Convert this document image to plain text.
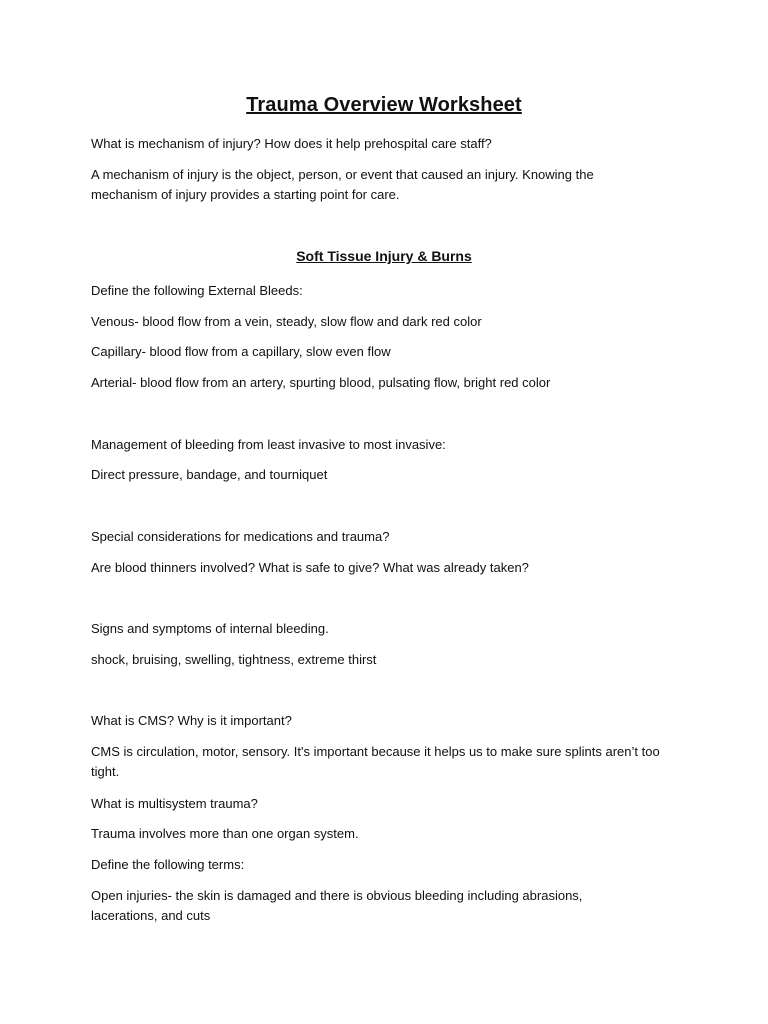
Trauma Overview Worksheet
What is mechanism of injury? How does it help prehospital care staff?
A mechanism of injury is the object, person, or event that caused an injury. Knowing the mechanism of injury provides a starting point for care.
Soft Tissue Injury & Burns
Define the following External Bleeds:
Venous- blood flow from a vein, steady, slow flow and dark red color
Capillary- blood flow from a capillary, slow even flow
Arterial- blood flow from an artery, spurting blood, pulsating flow, bright red color
Management of bleeding from least invasive to most invasive:
Direct pressure, bandage, and tourniquet
Special considerations for medications and trauma?
Are blood thinners involved? What is safe to give? What was already taken?
Signs and symptoms of internal bleeding.
shock, bruising, swelling, tightness, extreme thirst
What is CMS? Why is it important?
CMS is circulation, motor, sensory. It's important because it helps us to make sure splints aren’t too tight.
What is multisystem trauma?
Trauma involves more than one organ system.
Define the following terms:
Open injuries- the skin is damaged and there is obvious bleeding including abrasions, lacerations, and cuts
